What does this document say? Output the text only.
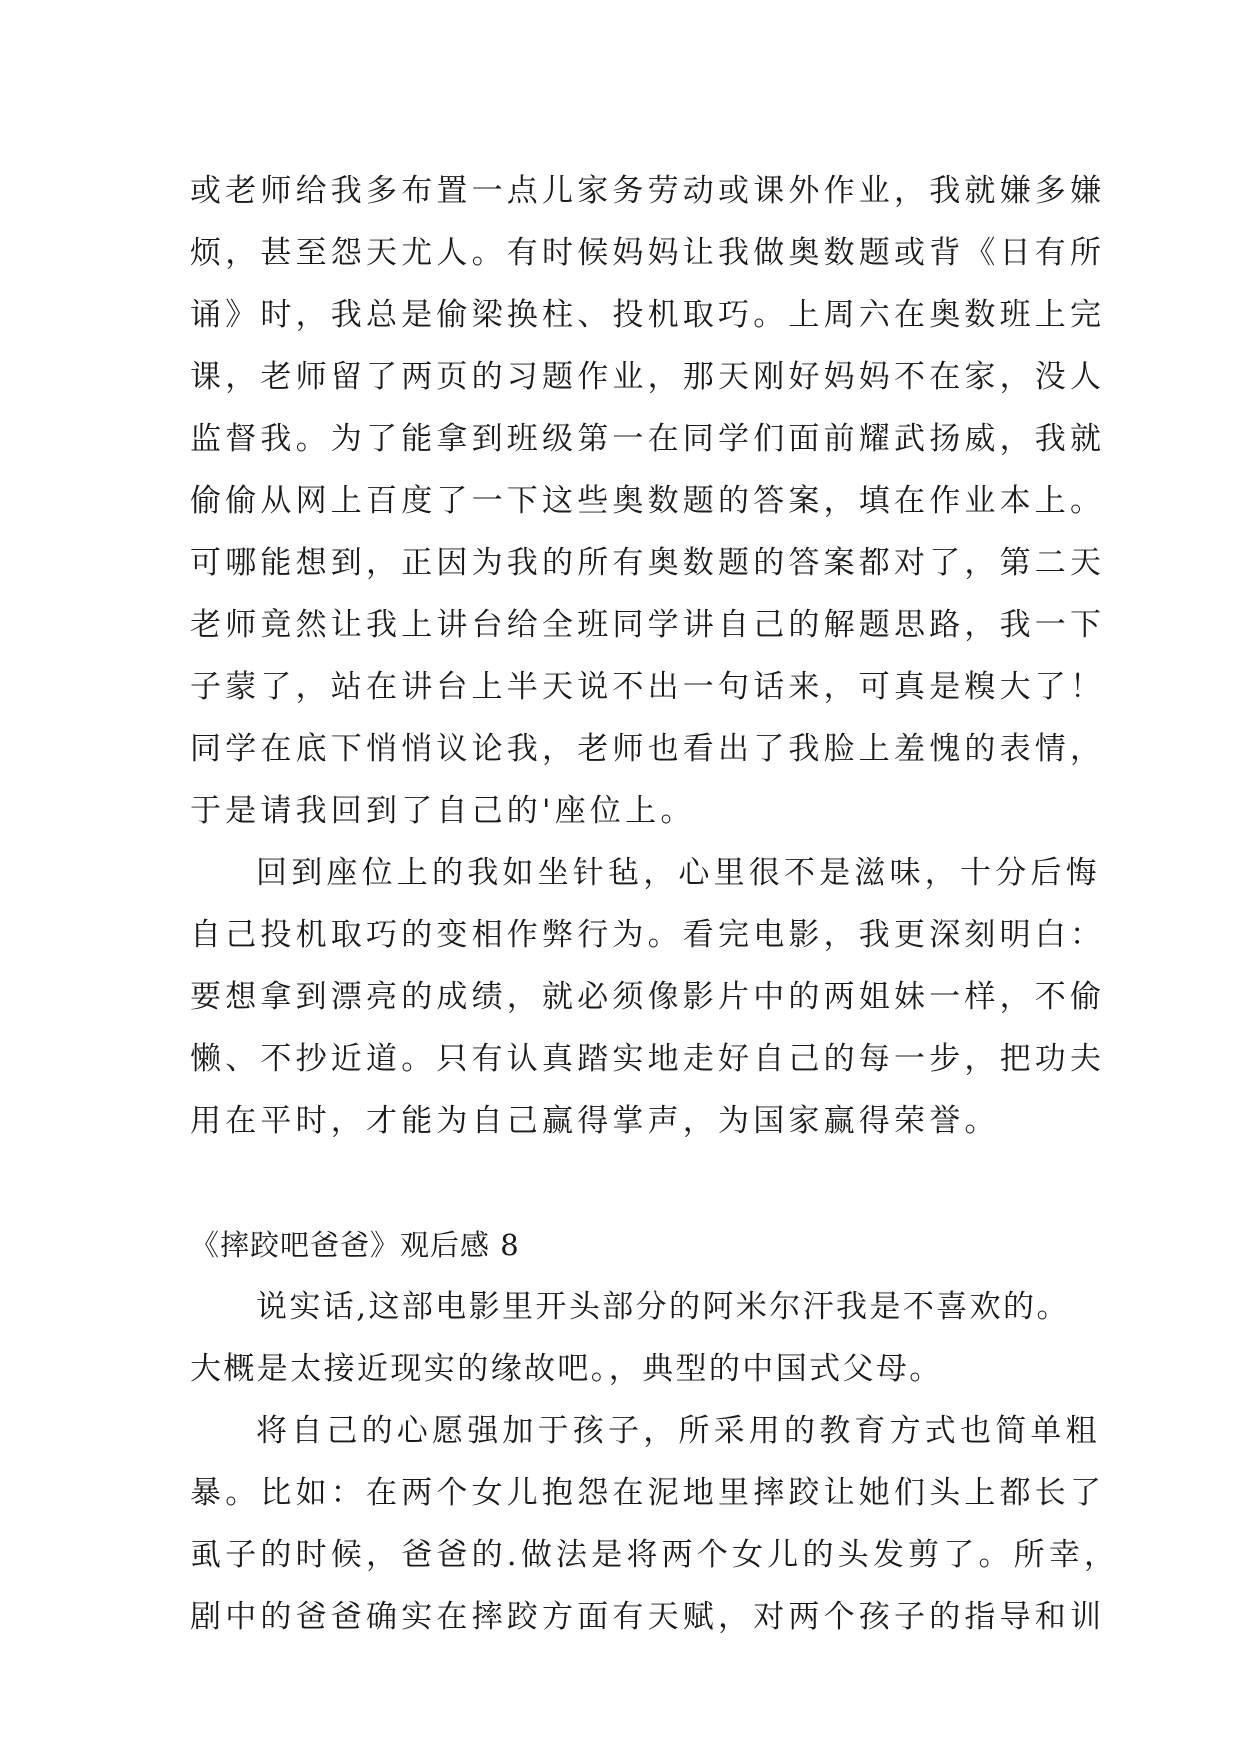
或老师给我多布置一点儿家务劳动或课外作业，我就嫌多嫌
烦，甚至怨天尤人。有时候妈妈让我做奥数题或背《日有所
诵》时，我总是偷梁换柱、投机取巧。上周六在奥数班上完
课，老师留了两页的习题作业，那天刚好妈妈不在家，没人
监督我。为了能拿到班级第一在同学们面前耀武扬威，我就
偷偷从网上百度了一下这些奥数题的答案，填在作业本上。
可哪能想到，正因为我的所有奥数题的答案都对了，第二天
老师竟然让我上讲台给全班同学讲自己的解题思路，我一下
子蒙了，站在讲台上半天说不出一句话来，可真是糗大了！
同学在底下悄悄议论我，老师也看出了我脸上羞愧的表情，
于是请我回到了自己的'座位上。
回到座位上的我如坐针毡，心里很不是滋味，十分后悔
自己投机取巧的变相作弊行为。看完电影，我更深刻明白：
要想拿到漂亮的成绩，就必须像影片中的两姐妹一样，不偷
懒、不抄近道。只有认真踏实地走好自己的每一步，把功夫
用在平时，才能为自己赢得掌声，为国家赢得荣誉。
《摔跤吧爸爸》观后感 8
说实话,这部电影里开头部分的阿米尔汗我是不喜欢的。
大概是太接近现实的缘故吧。，典型的中国式父母。
将自己的心愿强加于孩子，所采用的教育方式也简单粗
暴。比如：在两个女儿抱怨在泥地里摔跤让她们头上都长了
虱子的时候，爸爸的.做法是将两个女儿的头发剪了。所幸，
剧中的爸爸确实在摔跤方面有天赋，对两个孩子的指导和训
